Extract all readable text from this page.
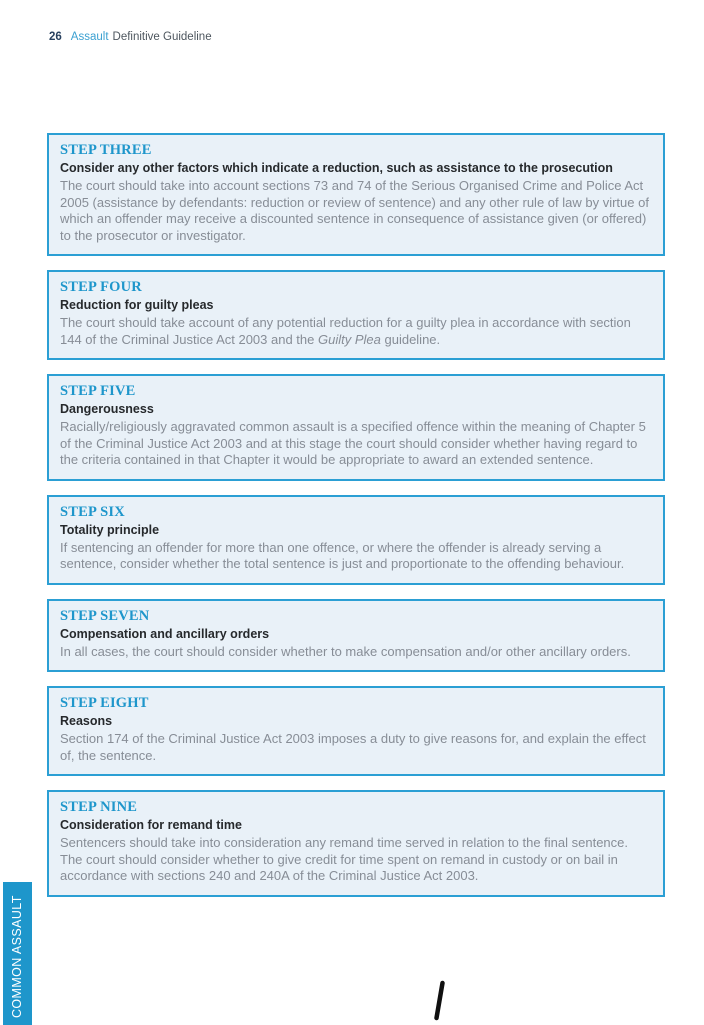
26 Assault Definitive Guideline

STEP THREE

Consider any other factors which indicate a reduction, such as assistance to the prosecution

The court should take into account sections 73 and 74 of the Serious Organised Crime and Police Act 2005 (assistance by defendants: reduction or review of sentence) and any other rule of law by virtue of which an offender may receive a discounted sentence in consequence of assistance given (or offered) to the prosecutor or investigator.

STEP FOUR

Reduction for guilty pleas

The court should take account of any potential reduction for a guilty plea in accordance with section 144 of the Criminal Justice Act 2003 and the Guilty Plea guideline.

STEP FIVE

Dangerousness

Racially/religiously aggravated common assault is a specified offence within the meaning of Chapter 5 of the Criminal Justice Act 2003 and at this stage the court should consider whether having regard to the criteria contained in that Chapter it would be appropriate to award an extended sentence.

STEP SIX

Totality principle

If sentencing an offender for more than one offence, or where the offender is already serving a sentence, consider whether the total sentence is just and proportionate to the offending behaviour.

STEP SEVEN

Compensation and ancillary orders

In all cases, the court should consider whether to make compensation and/or other ancillary orders.

STEP EIGHT

Reasons

Section 174 of the Criminal Justice Act 2003 imposes a duty to give reasons for, and explain the effect of, the sentence.

STEP NINE

Consideration for remand time

Sentencers should take into consideration any remand time served in relation to the final sentence. The court should consider whether to give credit for time spent on remand in custody or on bail in accordance with sections 240 and 240A of the Criminal Justice Act 2003.

COMMON ASSAULT
